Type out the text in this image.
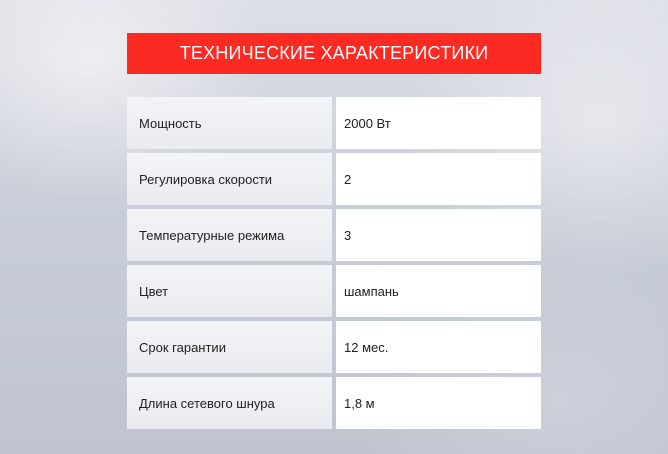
ТЕХНИЧЕСКИЕ ХАРАКТЕРИСТИКИ
Мощность	2000 Вт
Регулировка скорости	2
Температурные режима	3
Цвет	шампань
Срок гарантии	12 мес.
Длина сетевого шнура	1,8 м
